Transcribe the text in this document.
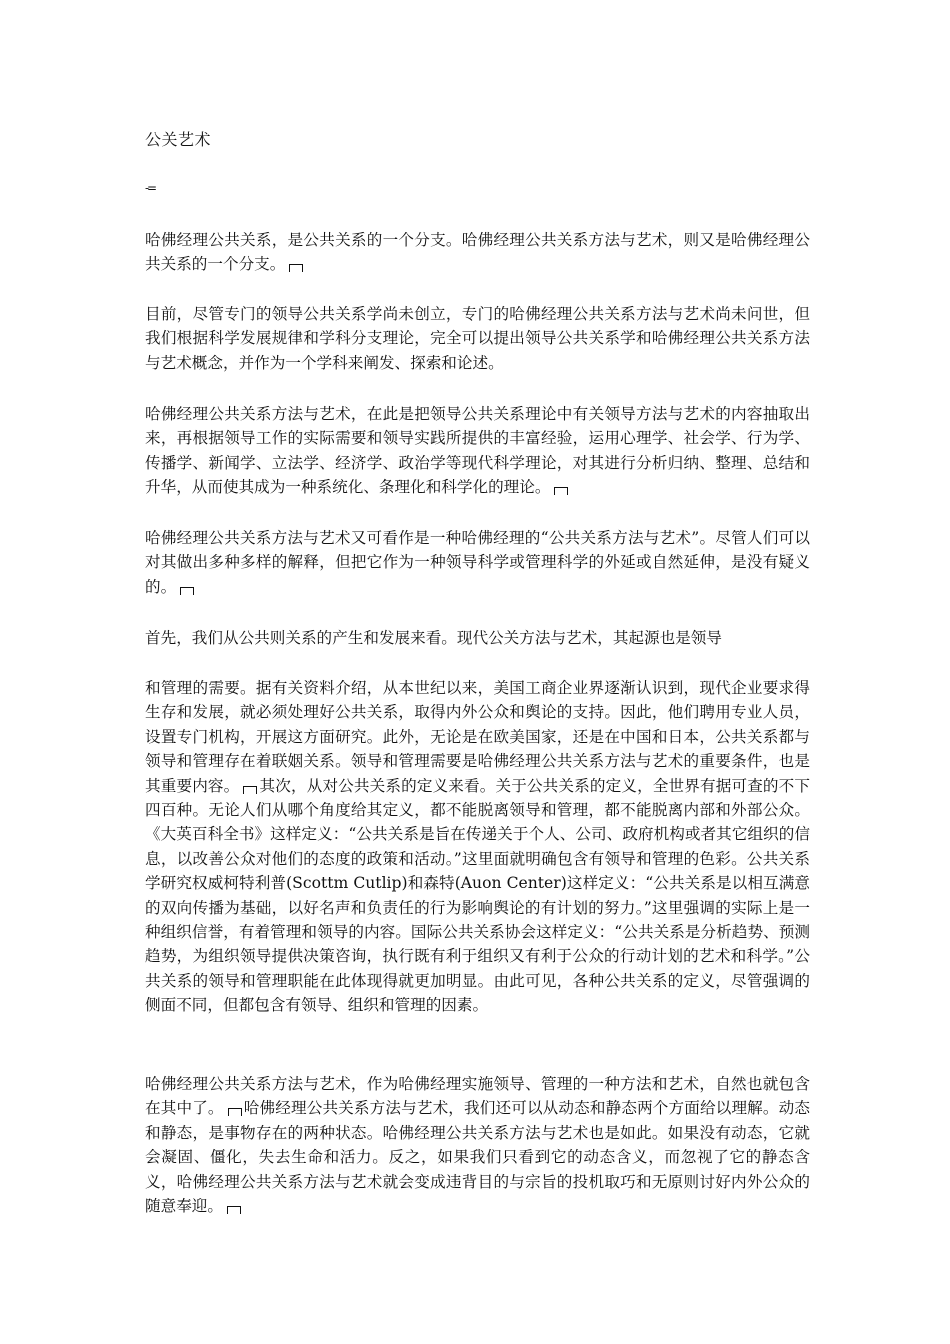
公关艺术
-=
哈佛经理公共关系，是公共关系的一个分支。哈佛经理公共关系方法与艺术，则又是哈佛经理公共关系的一个分支。
目前，尽管专门的领导公共关系学尚未创立，专门的哈佛经理公共关系方法与艺术尚未问世，但我们根据科学发展规律和学科分支理论，完全可以提出领导公共关系学和哈佛经理公共关系方法与艺术概念，并作为一个学科来阐发、探索和论述。
哈佛经理公共关系方法与艺术，在此是把领导公共关系理论中有关领导方法与艺术的内容抽取出来，再根据领导工作的实际需要和领导实践所提供的丰富经验，运用心理学、社会学、行为学、传播学、新闻学、立法学、经济学、政治学等现代科学理论，对其进行分析归纳、整理、总结和升华，从而使其成为一种系统化、条理化和科学化的理论。
哈佛经理公共关系方法与艺术又可看作是一种哈佛经理的“公共关系方法与艺术”。尽管人们可以对其做出多种多样的解释，但把它作为一种领导科学或管理科学的外延或自然延伸，是没有疑义的。
首先，我们从公共则关系的产生和发展来看。现代公关方法与艺术，其起源也是领导
和管理的需要。据有关资料介绍，从本世纪以来，美国工商企业界逐渐认识到，现代企业要求得生存和发展，就必须处理好公共关系，取得内外公众和舆论的支持。因此，他们聘用专业人员，设置专门机构，开展这方面研究。此外，无论是在欧美国家，还是在中国和日本，公共关系都与领导和管理存在着联姻关系。领导和管理需要是哈佛经理公共关系方法与艺术的重要条件，也是其重要内容。 其次，从对公共关系的定义来看。关于公共关系的定义，全世界有据可查的不下四百种。无论人们从哪个角度给其定义，都不能脱离领导和管理，都不能脱离内部和外部公众。《大英百科全书》这样定义：“公共关系是旨在传递关于个人、公司、政府机构或者其它组织的信息，以改善公众对他们的态度的政策和活动。”这里面就明确包含有领导和管理的色彩。公共关系学研究权威柯特利普(Scottm Cutlip)和森特(Auon Center)这样定义：“公共关系是以相互满意的双向传播为基础，以好名声和负责任的行为影响舆论的有计划的努力。”这里强调的实际上是一种组织信誉，有着管理和领导的内容。国际公共关系协会这样定义：“公共关系是分析趋势、预测趋势，为组织领导提供决策咨询，执行既有利于组织又有利于公众的行动计划的艺术和科学。”公共关系的领导和管理职能在此体现得就更加明显。由此可见，各种公共关系的定义，尽管强调的侧面不同，但都包含有领导、组织和管理的因素。
哈佛经理公共关系方法与艺术，作为哈佛经理实施领导、管理的一种方法和艺术，自然也就包含在其中了。 哈佛经理公共关系方法与艺术，我们还可以从动态和静态两个方面给以理解。动态和静态，是事物存在的两种状态。哈佛经理公共关系方法与艺术也是如此。如果没有动态，它就会凝固、僵化，失去生命和活力。反之，如果我们只看到它的动态含义，而忽视了它的静态含义，哈佛经理公共关系方法与艺术就会变成违背目的与宗旨的投机取巧和无原则讨好内外公众的随意奉迎。
